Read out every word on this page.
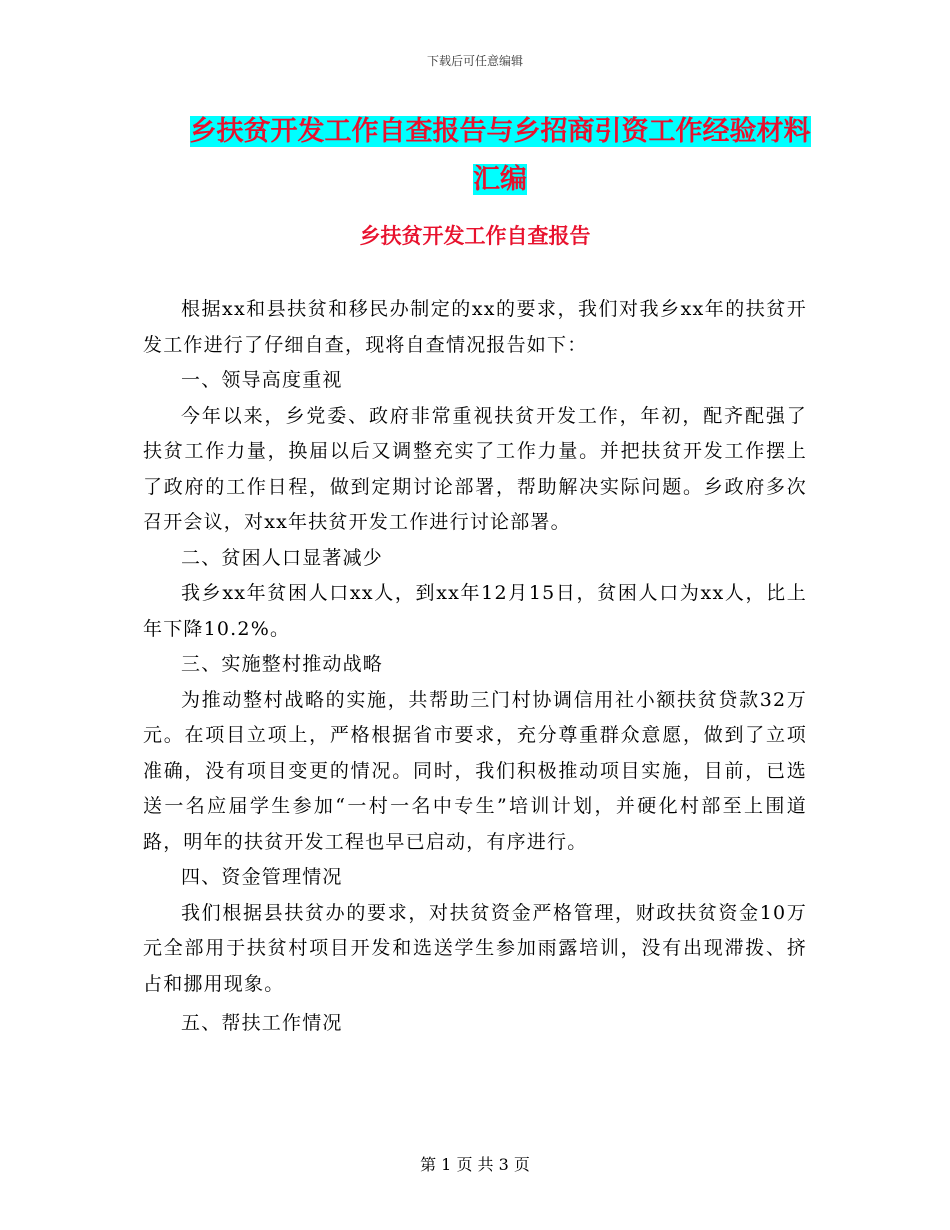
下载后可任意编辑
乡扶贫开发工作自查报告与乡招商引资工作经验材料
汇编
乡扶贫开发工作自查报告

根据xx和县扶贫和移民办制定的xx的要求，我们对我乡xx年的扶贫开发工作进行了仔细自查，现将自查情况报告如下：

一、领导高度重视

今年以来，乡党委、政府非常重视扶贫开发工作，年初，配齐配强了扶贫工作力量，换届以后又调整充实了工作力量。并把扶贫开发工作摆上了政府的工作日程，做到定期讨论部署，帮助解决实际问题。乡政府多次召开会议，对xx年扶贫开发工作进行讨论部署。

二、贫困人口显著减少

我乡xx年贫困人口xx人，到xx年12月15日，贫困人口为xx人，比上年下降10.2%。

三、实施整村推动战略

为推动整村战略的实施，共帮助三门村协调信用社小额扶贫贷款32万元。在项目立项上，严格根据省市要求，充分尊重群众意愿，做到了立项准确，没有项目变更的情况。同时，我们积极推动项目实施，目前，已选送一名应届学生参加“一村一名中专生”培训计划，并硬化村部至上围道路，明年的扶贫开发工程也早已启动，有序进行。

四、资金管理情况

我们根据县扶贫办的要求，对扶贫资金严格管理，财政扶贫资金10万元全部用于扶贫村项目开发和选送学生参加雨露培训，没有出现滞拨、挤占和挪用现象。

五、帮扶工作情况

第 1 页 共 3 页
